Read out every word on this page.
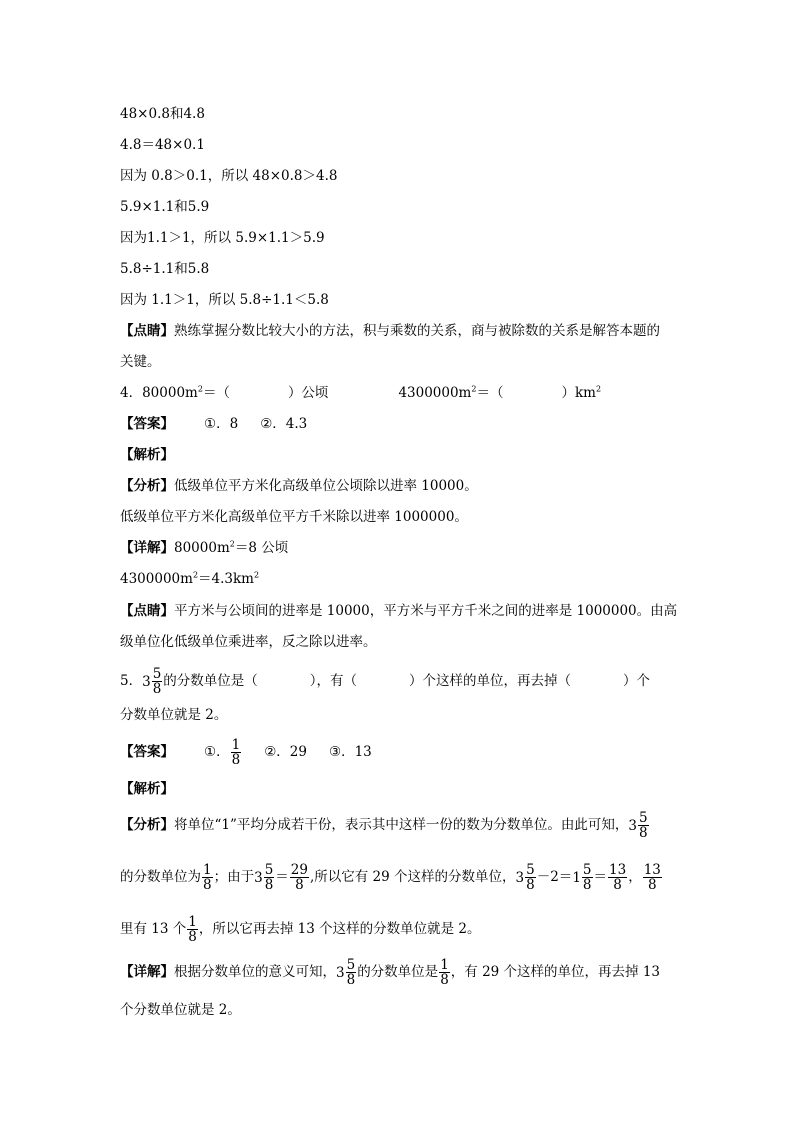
48×0.8和4.8
4.8＝48×0.1
因为 0.8＞0.1，所以 48×0.8＞4.8
5.9×1.1和5.9
因为1.1＞1，所以 5.9×1.1＞5.9
5.8÷1.1和5.8
因为 1.1＞1，所以 5.8÷1.1＜5.8
【点睛】熟练掌握分数比较大小的方法，积与乘数的关系，商与被除数的关系是解答本题的
关键。
4．$80000m^2=$（	）公顷	$4300000m^2=$（	）$km^2$
【答案】 ①．8 ②．4.3
【解析】
【分析】低级单位平方米化高级单位公顷除以进率 10000。
低级单位平方米化高级单位平方千米除以进率 1000000。
【详解】$80000m^2=8$ 公顷
$4300000m^2=4.3km^2$
【点睛】平方米与公顷间的进率是 10000，平方米与平方千米之间的进率是 1000000。由高
级单位化低级单位乘进率，反之除以进率。
5． $3 \frac{5}{8}$ 的分数单位是（	），有（	）个这样的单位，再去掉（	）个
分数单位就是 2。
【答案】 ①． $\frac{1}{8}$ ②．29 ③．13
【解析】
【分析】将单位“1”平均分成若干份，表示其中这样一份的数为分数单位。由此可知， $3 \frac{5}{8}$
的分数单位为 $\frac{1}{8}$ ；由于 $3 \frac{5}{8} = \frac{29}{8}$ ,所以它有 29 个这样的分数单位， $3 \frac{5}{8} -2= 1 \frac{5}{8} = \frac{13}{8}$ ， $\frac{13}{8}$
里有 13 个 $\frac{1}{8}$ ，所以它再去掉 13 个这样的分数单位就是 2。
【详解】根据分数单位的意义可知， $3 \frac{5}{8}$ 的分数单位是 $\frac{1}{8}$ ，有 29 个这样的单位，再去掉 13
个分数单位就是 2。
